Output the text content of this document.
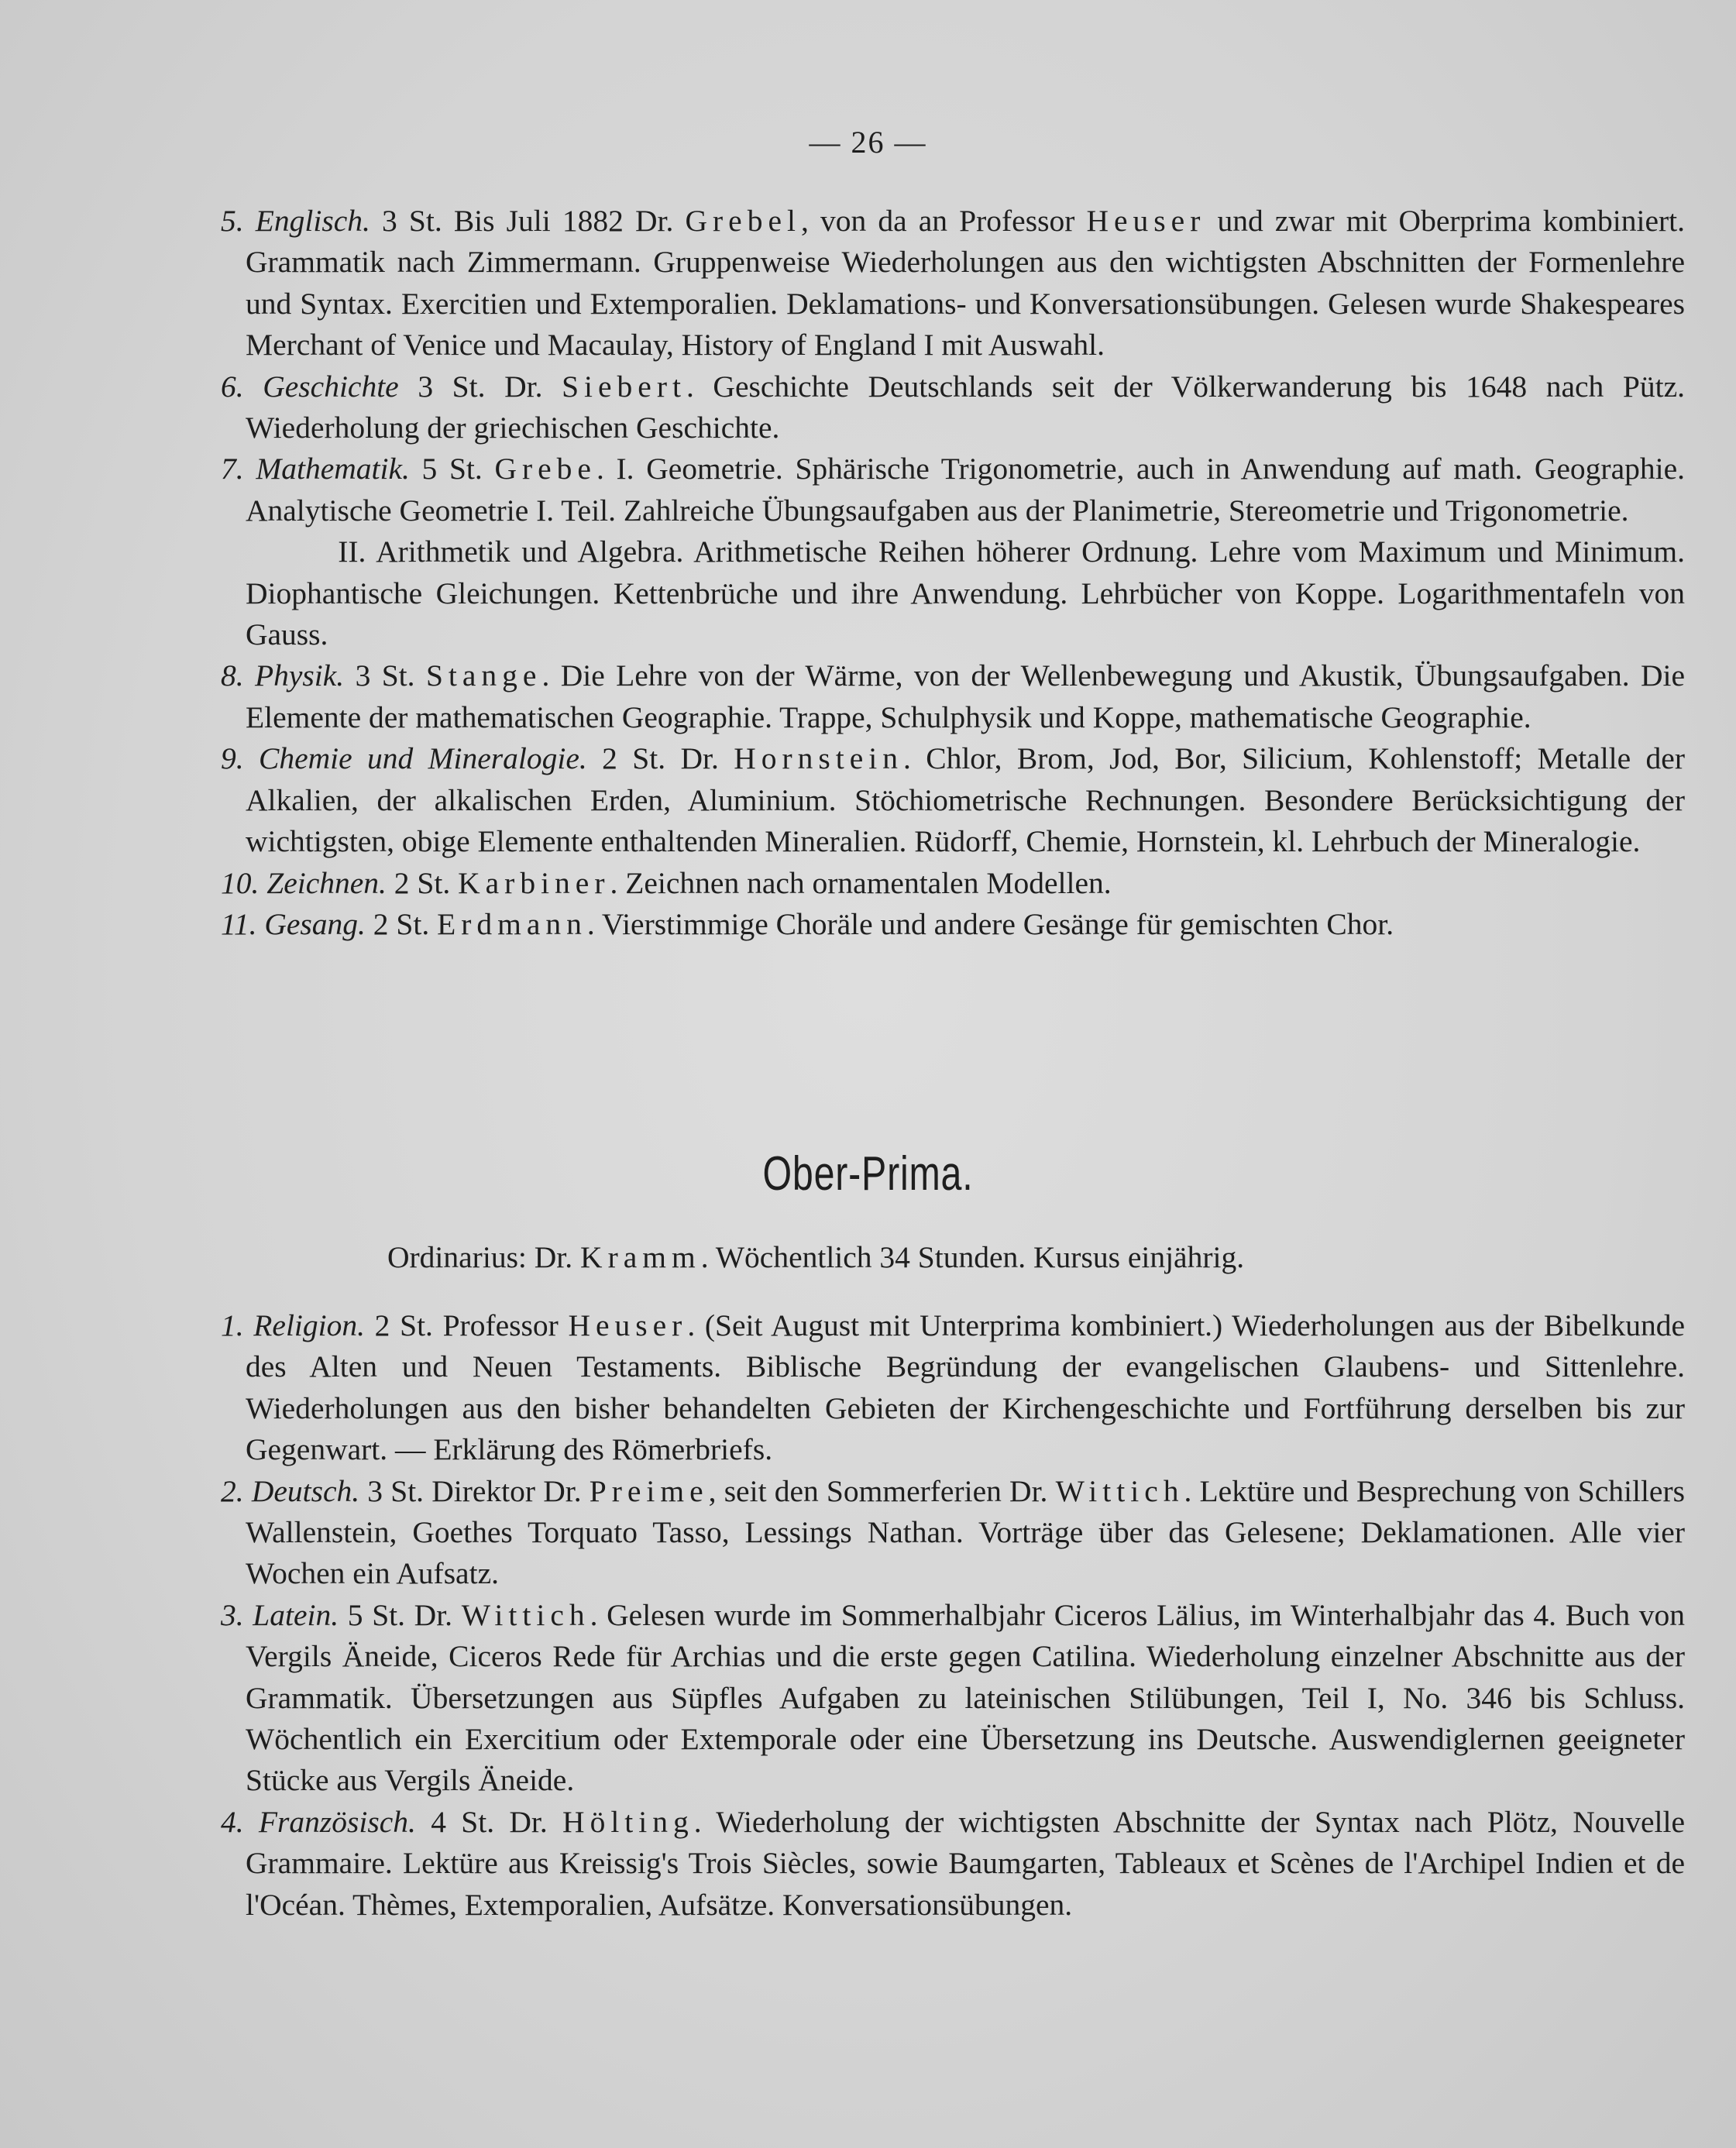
— 26 —

5. Englisch. 3 St. Bis Juli 1882 Dr. Grebel, von da an Professor Heuser und zwar mit Oberprima kombiniert. Grammatik nach Zimmermann. Gruppenweise Wiederholungen aus den wichtigsten Abschnitten der Formenlehre und Syntax. Exercitien und Extemporalien. Deklamations- und Konversationsübungen. Gelesen wurde Shakespeares Merchant of Venice und Macaulay, History of England I mit Auswahl.

6. Geschichte 3 St. Dr. Siebert. Geschichte Deutschlands seit der Völkerwanderung bis 1648 nach Pütz. Wiederholung der griechischen Geschichte.

7. Mathematik. 5 St. Grebe. I. Geometrie. Sphärische Trigonometrie, auch in Anwendung auf math. Geographie. Analytische Geometrie I. Teil. Zahlreiche Übungsaufgaben aus der Planimetrie, Stereometrie und Trigonometrie.

II. Arithmetik und Algebra. Arithmetische Reihen höherer Ordnung. Lehre vom Maximum und Minimum. Diophantische Gleichungen. Kettenbrüche und ihre Anwendung. Lehrbücher von Koppe. Logarithmentafeln von Gauss.

8. Physik. 3 St. Stange. Die Lehre von der Wärme, von der Wellenbewegung und Akustik, Übungsaufgaben. Die Elemente der mathematischen Geographie. Trappe, Schulphysik und Koppe, mathematische Geographie.

9. Chemie und Mineralogie. 2 St. Dr. Hornstein. Chlor, Brom, Jod, Bor, Silicium, Kohlenstoff; Metalle der Alkalien, der alkalischen Erden, Aluminium. Stöchiometrische Rechnungen. Besondere Berücksichtigung der wichtigsten, obige Elemente enthaltenden Mineralien. Rüdorff, Chemie, Hornstein, kl. Lehrbuch der Mineralogie.

10. Zeichnen. 2 St. Karbiner. Zeichnen nach ornamentalen Modellen.

11. Gesang. 2 St. Erdmann. Vierstimmige Choräle und andere Gesänge für gemischten Chor.

Ober-Prima.
Ordinarius: Dr. Kramm. Wöchentlich 34 Stunden. Kursus einjährig.

1. Religion. 2 St. Professor Heuser. (Seit August mit Unterprima kombiniert.) Wiederholungen aus der Bibelkunde des Alten und Neuen Testaments. Biblische Begründung der evangelischen Glaubens- und Sittenlehre. Wiederholungen aus den bisher behandelten Gebieten der Kirchengeschichte und Fortführung derselben bis zur Gegenwart. — Erklärung des Römerbriefs.

2. Deutsch. 3 St. Direktor Dr. Preime, seit den Sommerferien Dr. Wittich. Lektüre und Besprechung von Schillers Wallenstein, Goethes Torquato Tasso, Lessings Nathan. Vorträge über das Gelesene; Deklamationen. Alle vier Wochen ein Aufsatz.

3. Latein. 5 St. Dr. Wittich. Gelesen wurde im Sommerhalbjahr Ciceros Lälius, im Winterhalbjahr das 4. Buch von Vergils Äneide, Ciceros Rede für Archias und die erste gegen Catilina. Wiederholung einzelner Abschnitte aus der Grammatik. Übersetzungen aus Süpfles Aufgaben zu lateinischen Stilübungen, Teil I, No. 346 bis Schluss. Wöchentlich ein Exercitium oder Extemporale oder eine Übersetzung ins Deutsche. Auswendiglernen geeigneter Stücke aus Vergils Äneide.

4. Französisch. 4 St. Dr. Hölting. Wiederholung der wichtigsten Abschnitte der Syntax nach Plötz, Nouvelle Grammaire. Lektüre aus Kreissig's Trois Siècles, sowie Baumgarten, Tableaux et Scènes de l'Archipel Indien et de l'Océan. Thèmes, Extemporalien, Aufsätze. Konversationsübungen.
